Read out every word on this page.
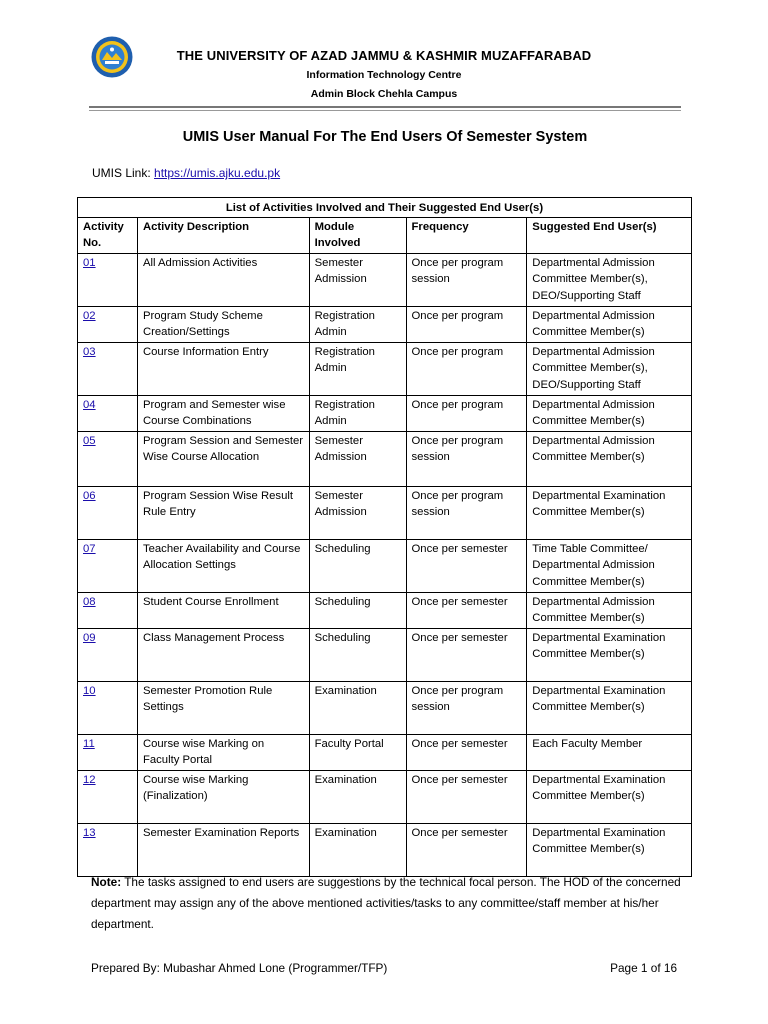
THE UNIVERSITY OF AZAD JAMMU & KASHMIR MUZAFFARABAD
Information Technology Centre
Admin Block Chehla Campus
UMIS User Manual For The End Users Of Semester System
UMIS Link: https://umis.ajku.edu.pk
List of Activities Involved and Their Suggested End User(s)				
Activity No.	Activity Description	Module Involved	Frequency	Suggested End User(s)
01	All Admission Activities	Semester Admission	Once per program session	Departmental Admission Committee Member(s), DEO/Supporting Staff
02	Program Study Scheme Creation/Settings	Registration Admin	Once per program	Departmental Admission Committee Member(s)
03	Course Information Entry	Registration Admin	Once per program	Departmental Admission Committee Member(s), DEO/Supporting Staff
04	Program and Semester wise Course Combinations	Registration Admin	Once per program	Departmental Admission Committee Member(s)
05	Program Session and Semester Wise Course Allocation	Semester Admission	Once per program session	Departmental Admission Committee Member(s)
06	Program Session Wise Result Rule Entry	Semester Admission	Once per program session	Departmental Examination Committee Member(s)
07	Teacher Availability and Course Allocation Settings	Scheduling	Once per semester	Time Table Committee/ Departmental Admission Committee Member(s)
08	Student Course Enrollment	Scheduling	Once per semester	Departmental Admission Committee Member(s)
09	Class Management Process	Scheduling	Once per semester	Departmental Examination Committee Member(s)
10	Semester Promotion Rule Settings	Examination	Once per program session	Departmental Examination Committee Member(s)
11	Course wise Marking on Faculty Portal	Faculty Portal	Once per semester	Each Faculty Member
12	Course wise Marking (Finalization)	Examination	Once per semester	Departmental Examination Committee Member(s)
13	Semester Examination Reports	Examination	Once per semester	Departmental Examination Committee Member(s)
Note: The tasks assigned to end users are suggestions by the technical focal person. The HOD of the concerned department may assign any of the above mentioned activities/tasks to any committee/staff member at his/her department.
Prepared By: Mubashar Ahmed Lone (Programmer/TFP)	Page 1 of 16
